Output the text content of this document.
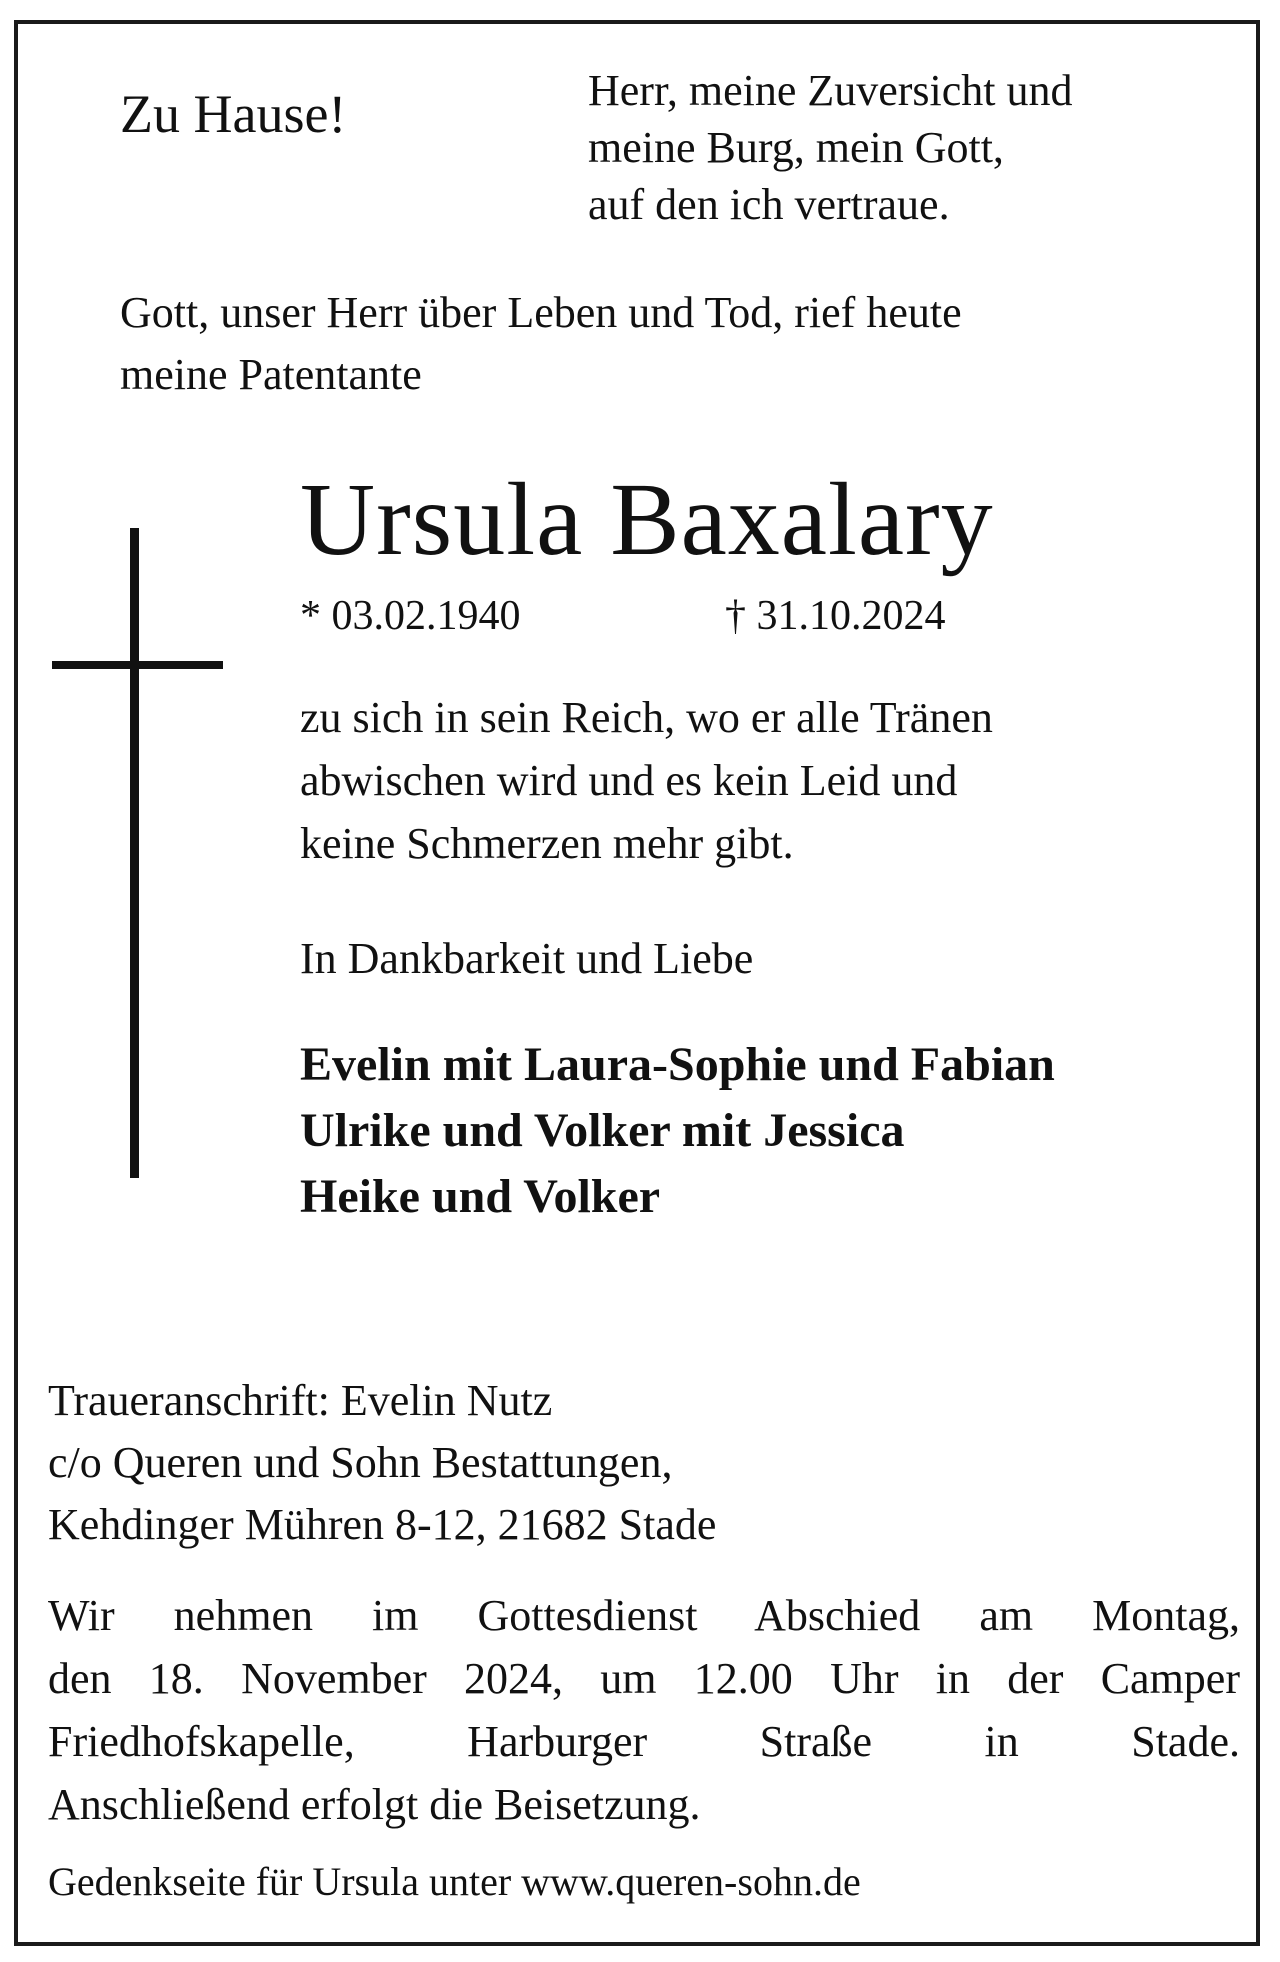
Zu Hause!	Herr, meine Zuversicht und
meine Burg, mein Gott,
auf den ich vertraue.
Gott, unser Herr über Leben und Tod, rief heute
meine Patentante
Ursula Baxalary
* 03.02.1940	† 31.10.2024
zu sich in sein Reich, wo er alle Tränen
abwischen wird und es kein Leid und
keine Schmerzen mehr gibt.
In Dankbarkeit und Liebe
Evelin mit Laura-Sophie und Fabian
Ulrike und Volker mit Jessica
Heike und Volker
Traueranschrift: Evelin Nutz
c/o Queren und Sohn Bestattungen,
Kehdinger Mühren 8-12, 21682 Stade
Wir nehmen im Gottesdienst Abschied am Montag,
den 18. November 2024, um 12.00 Uhr in der Camper
Friedhofskapelle, Harburger Straße in Stade.
Anschließend erfolgt die Beisetzung.
Gedenkseite für Ursula unter www.queren-sohn.de
